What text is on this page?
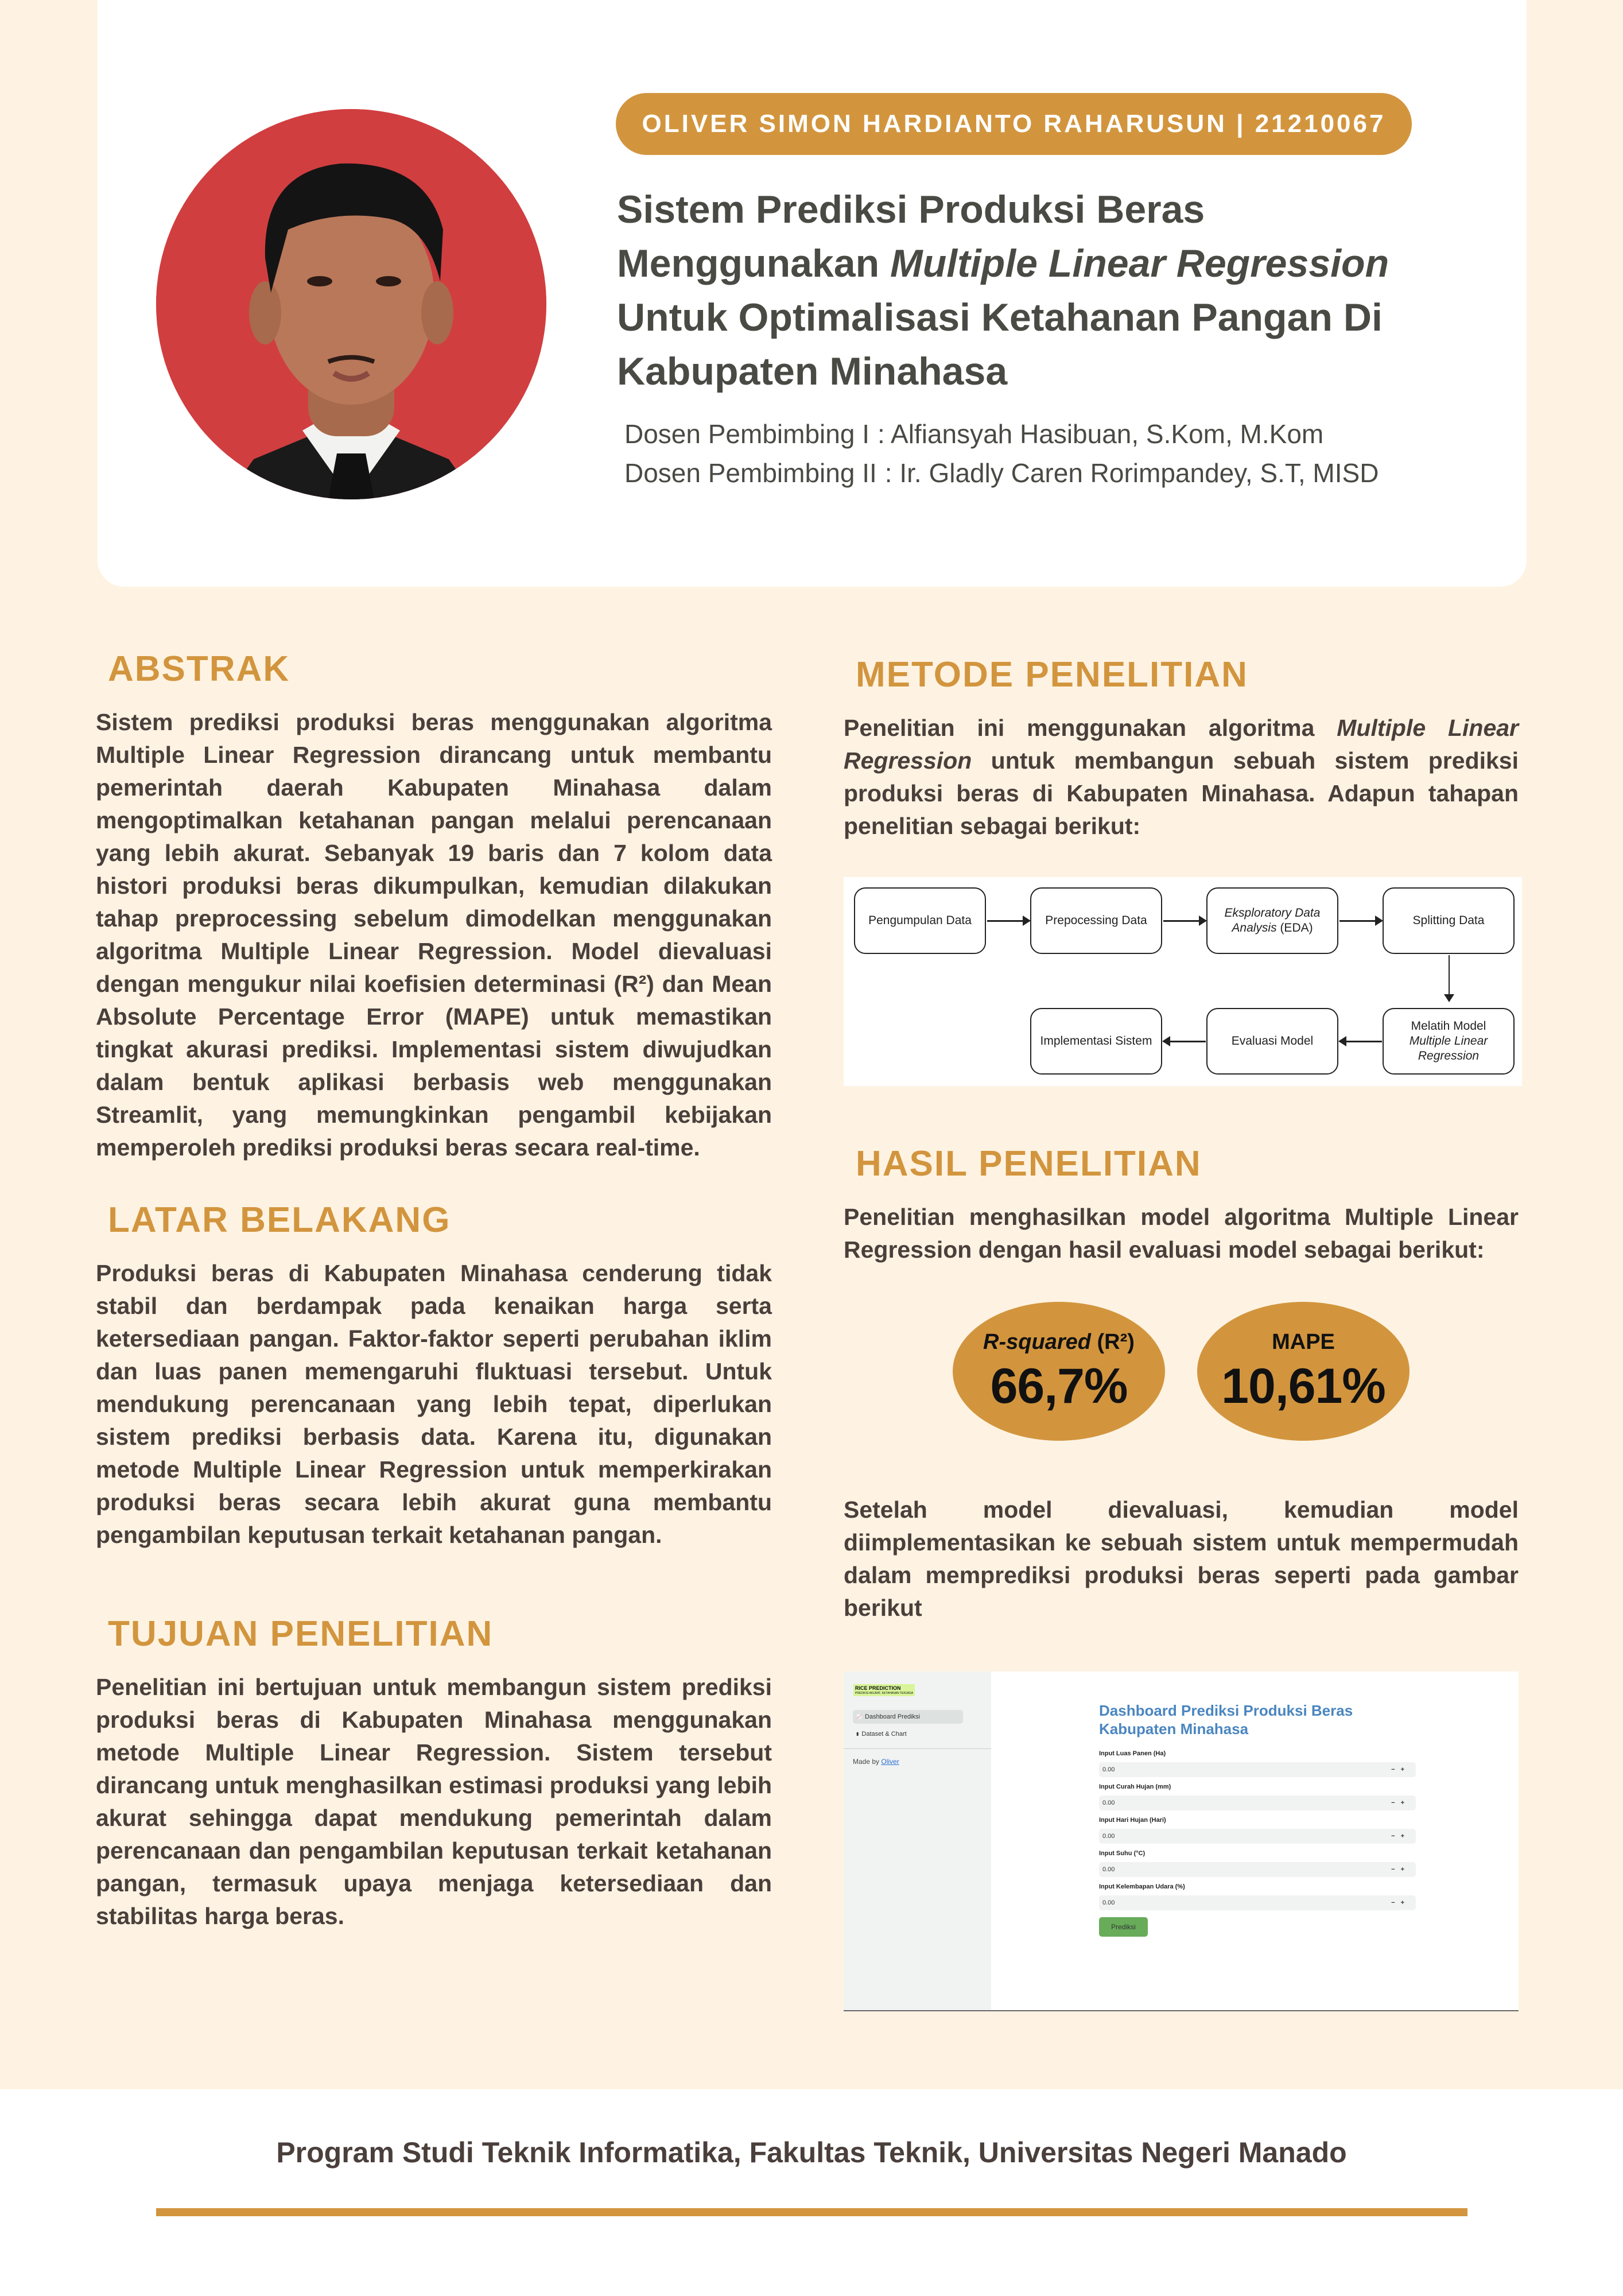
OLIVER SIMON HARDIANTO RAHARUSUN | 21210067
Sistem Prediksi Produksi Beras
Menggunakan Multiple Linear Regression
Untuk Optimalisasi Ketahanan Pangan Di
Kabupaten Minahasa
Dosen Pembimbing I : Alfiansyah Hasibuan, S.Kom, M.Kom
Dosen Pembimbing II : Ir. Gladly Caren Rorimpandey, S.T, MISD
ABSTRAK
Sistem prediksi produksi beras menggunakan algoritma Multiple Linear Regression dirancang untuk membantu pemerintah daerah Kabupaten Minahasa dalam mengoptimalkan ketahanan pangan melalui perencanaan yang lebih akurat. Sebanyak 19 baris dan 7 kolom data histori produksi beras dikumpulkan, kemudian dilakukan tahap preprocessing sebelum dimodelkan menggunakan algoritma Multiple Linear Regression. Model dievaluasi dengan mengukur nilai koefisien determinasi (R²) dan Mean Absolute Percentage Error (MAPE) untuk memastikan tingkat akurasi prediksi. Implementasi sistem diwujudkan dalam bentuk aplikasi berbasis web menggunakan Streamlit, yang memungkinkan pengambil kebijakan memperoleh prediksi produksi beras secara real-time.
LATAR BELAKANG
Produksi beras di Kabupaten Minahasa cenderung tidak stabil dan berdampak pada kenaikan harga serta ketersediaan pangan. Faktor-faktor seperti perubahan iklim dan luas panen memengaruhi fluktuasi tersebut. Untuk mendukung perencanaan yang lebih tepat, diperlukan sistem prediksi berbasis data. Karena itu, digunakan metode Multiple Linear Regression untuk memperkirakan produksi beras secara lebih akurat guna membantu pengambilan keputusan terkait ketahanan pangan.
TUJUAN PENELITIAN
Penelitian ini bertujuan untuk membangun sistem prediksi produksi beras di Kabupaten Minahasa menggunakan metode Multiple Linear Regression. Sistem tersebut dirancang untuk menghasilkan estimasi produksi yang lebih akurat sehingga dapat mendukung pemerintah dalam perencanaan dan pengambilan keputusan terkait ketahanan pangan, termasuk upaya menjaga ketersediaan dan stabilitas harga beras.
METODE PENELITIAN
Penelitian ini menggunakan algoritma Multiple Linear Regression untuk membangun sebuah sistem prediksi produksi beras di Kabupaten Minahasa. Adapun tahapan penelitian sebagai berikut:
Pengumpulan Data	Prepocessing Data
Eksploratory Data
Analysis (EDA)
Splitting Data
Melatih Model
Multiple Linear Regression
Evaluasi Model
Implementasi Sistem
HASIL PENELITIAN
Penelitian menghasilkan model algoritma Multiple Linear Regression dengan hasil evaluasi model sebagai berikut:
R-squared (R²)
66,7%
MAPE
10,61%
Setelah model dievaluasi, kemudian model diimplementasikan ke sebuah sistem untuk mempermudah dalam memprediksi produksi beras seperti pada gambar berikut
RICE PREDICTION
PREDIKSI AKURAT, KETAHANAN TERJAGA
📈 Dashboard Prediksi
▮ Dataset & Chart
Made by Oliver
Dashboard Prediksi Produksi Beras
Kabupaten Minahasa
Input Luas Panen (Ha)
0.00	−+
Input Curah Hujan (mm)
0.00	−+
Input Hari Hujan (Hari)
0.00	−+
Input Suhu (°C)
0.00	−+
Input Kelembapan Udara (%)
0.00	−+
Prediksi
Program Studi Teknik Informatika, Fakultas Teknik, Universitas Negeri Manado
